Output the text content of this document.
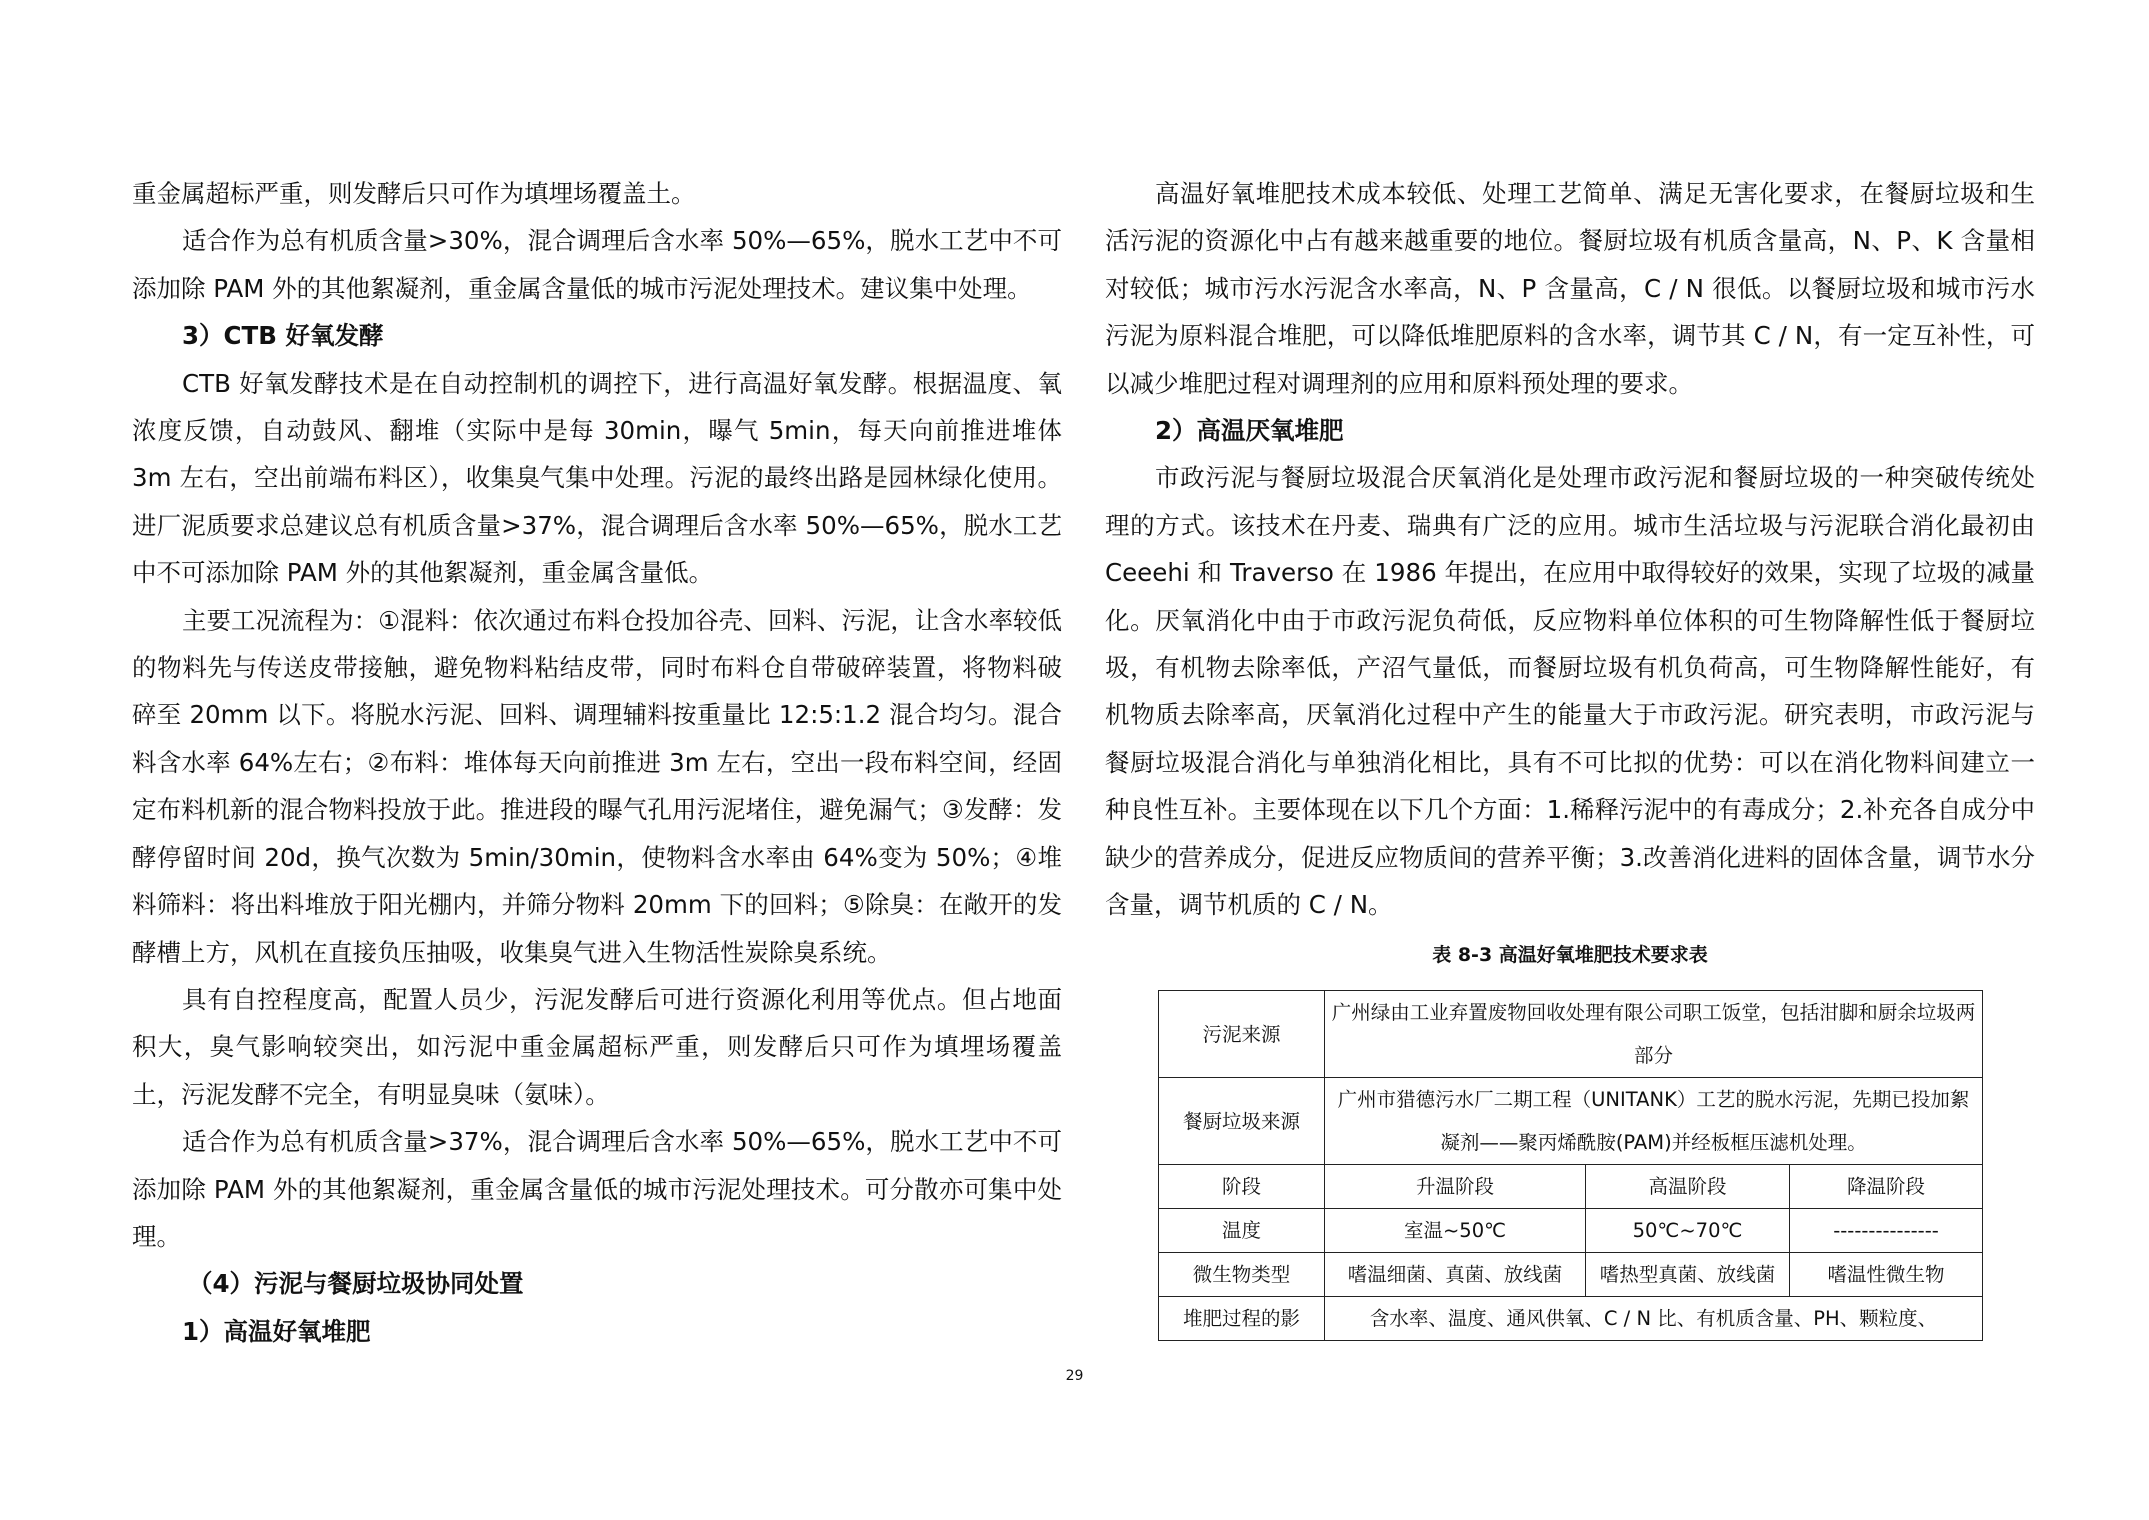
重金属超标严重，则发酵后只可作为填埋场覆盖土。

适合作为总有机质含量>30%，混合调理后含水率 50%—65%，脱水工艺中不可添加除 PAM 外的其他絮凝剂，重金属含量低的城市污泥处理技术。建议集中处理。

3）CTB 好氧发酵

CTB 好氧发酵技术是在自动控制机的调控下，进行高温好氧发酵。根据温度、氧浓度反馈，自动鼓风、翻堆（实际中是每 30min，曝气 5min，每天向前推进堆体 3m 左右，空出前端布料区），收集臭气集中处理。污泥的最终出路是园林绿化使用。进厂泥质要求总建议总有机质含量>37%，混合调理后含水率 50%—65%，脱水工艺中不可添加除 PAM 外的其他絮凝剂，重金属含量低。

主要工况流程为：①混料：依次通过布料仓投加谷壳、回料、污泥，让含水率较低的物料先与传送皮带接触，避免物料粘结皮带，同时布料仓自带破碎装置，将物料破碎至 20mm 以下。将脱水污泥、回料、调理辅料按重量比 12:5:1.2 混合均匀。混合料含水率 64%左右；②布料：堆体每天向前推进 3m 左右，空出一段布料空间，经固定布料机新的混合物料投放于此。推进段的曝气孔用污泥堵住，避免漏气；③发酵：发酵停留时间 20d，换气次数为 5min/30min，使物料含水率由 64%变为 50%；④堆料筛料：将出料堆放于阳光棚内，并筛分物料 20mm 下的回料；⑤除臭：在敞开的发酵槽上方，风机在直接负压抽吸，收集臭气进入生物活性炭除臭系统。

具有自控程度高，配置人员少，污泥发酵后可进行资源化利用等优点。但占地面积大，臭气影响较突出，如污泥中重金属超标严重，则发酵后只可作为填埋场覆盖土，污泥发酵不完全，有明显臭味（氨味）。

适合作为总有机质含量>37%，混合调理后含水率 50%—65%，脱水工艺中不可添加除 PAM 外的其他絮凝剂，重金属含量低的城市污泥处理技术。可分散亦可集中处理。

（4）污泥与餐厨垃圾协同处置

1）高温好氧堆肥

高温好氧堆肥技术成本较低、处理工艺简单、满足无害化要求，在餐厨垃圾和生活污泥的资源化中占有越来越重要的地位。餐厨垃圾有机质含量高，N、P、K 含量相对较低；城市污水污泥含水率高，N、P 含量高，C / N 很低。以餐厨垃圾和城市污水污泥为原料混合堆肥，可以降低堆肥原料的含水率，调节其 C / N，有一定互补性，可以减少堆肥过程对调理剂的应用和原料预处理的要求。

2）高温厌氧堆肥

市政污泥与餐厨垃圾混合厌氧消化是处理市政污泥和餐厨垃圾的一种突破传统处理的方式。该技术在丹麦、瑞典有广泛的应用。城市生活垃圾与污泥联合消化最初由 Ceeehi 和 Traverso 在 1986 年提出，在应用中取得较好的效果，实现了垃圾的减量化。厌氧消化中由于市政污泥负荷低，反应物料单位体积的可生物降解性低于餐厨垃圾，有机物去除率低，产沼气量低，而餐厨垃圾有机负荷高，可生物降解性能好，有机物质去除率高，厌氧消化过程中产生的能量大于市政污泥。研究表明，市政污泥与餐厨垃圾混合消化与单独消化相比，具有不可比拟的优势：可以在消化物料间建立一种良性互补。主要体现在以下几个方面：1.稀释污泥中的有毒成分；2.补充各自成分中缺少的营养成分，促进反应物质间的营养平衡；3.改善消化进料的固体含量，调节水分含量，调节机质的 C / N。

表 8-3 高温好氧堆肥技术要求表
污泥来源	广州绿由工业弃置废物回收处理有限公司职工饭堂，包括泔脚和厨余垃圾两部分		
餐厨垃圾来源	广州市猎德污水厂二期工程（UNITANK）工艺的脱水污泥，先期已投加絮凝剂——聚丙烯酰胺(PAM)并经板框压滤机处理。		
阶段	升温阶段	高温阶段	降温阶段
温度	室温~50℃	50℃~70℃	---------------
微生物类型	嗜温细菌、真菌、放线菌	嗜热型真菌、放线菌	嗜温性微生物
堆肥过程的影	含水率、温度、通风供氧、C / N 比、有机质含量、PH、颗粒度、		
29
